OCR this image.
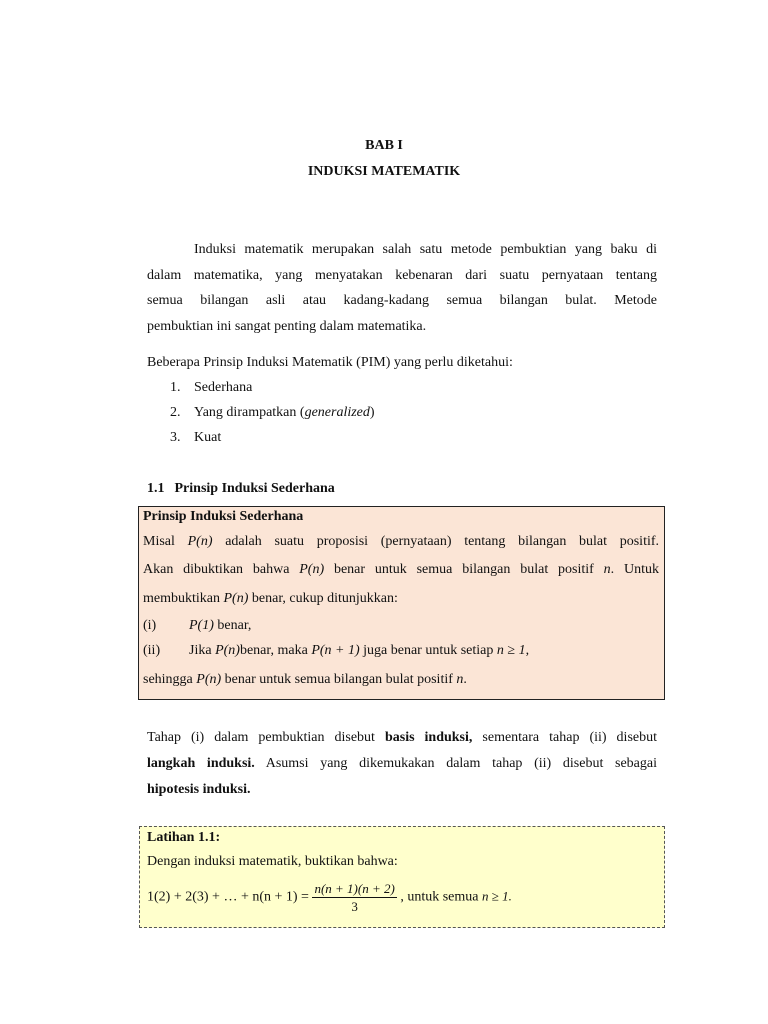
BAB I
INDUKSI MATEMATIK
Induksi matematik merupakan salah satu metode pembuktian yang baku di
dalam matematika, yang menyatakan kebenaran dari suatu pernyataan tentang
semua bilangan asli atau kadang-kadang semua bilangan bulat. Metode
pembuktian ini sangat penting dalam matematika.
Beberapa Prinsip Induksi Matematik (PIM) yang perlu diketahui:
1. Sederhana
2. Yang dirampatkan (generalized)
3. Kuat
1.1 Prinsip Induksi Sederhana
Prinsip Induksi Sederhana
Misal P(n) adalah suatu proposisi (pernyataan) tentang bilangan bulat positif.
Akan dibuktikan bahwa P(n) benar untuk semua bilangan bulat positif n. Untuk
membuktikan P(n) benar, cukup ditunjukkan:
(i) P(1) benar,
(ii) Jika P(n)benar, maka P(n + 1) juga benar untuk setiap n ≥ 1,
sehingga P(n) benar untuk semua bilangan bulat positif n.
Tahap (i) dalam pembuktian disebut basis induksi, sementara tahap (ii) disebut
langkah induksi. Asumsi yang dikemukakan dalam tahap (ii) disebut sebagai
hipotesis induksi.
Latihan 1.1:
Dengan induksi matematik, buktikan bahwa:
1(2) + 2(3) + … + $n(n + 1) = \frac{n(n + 1)(n + 2)}{3}$ , untuk semua n ≥ 1.
